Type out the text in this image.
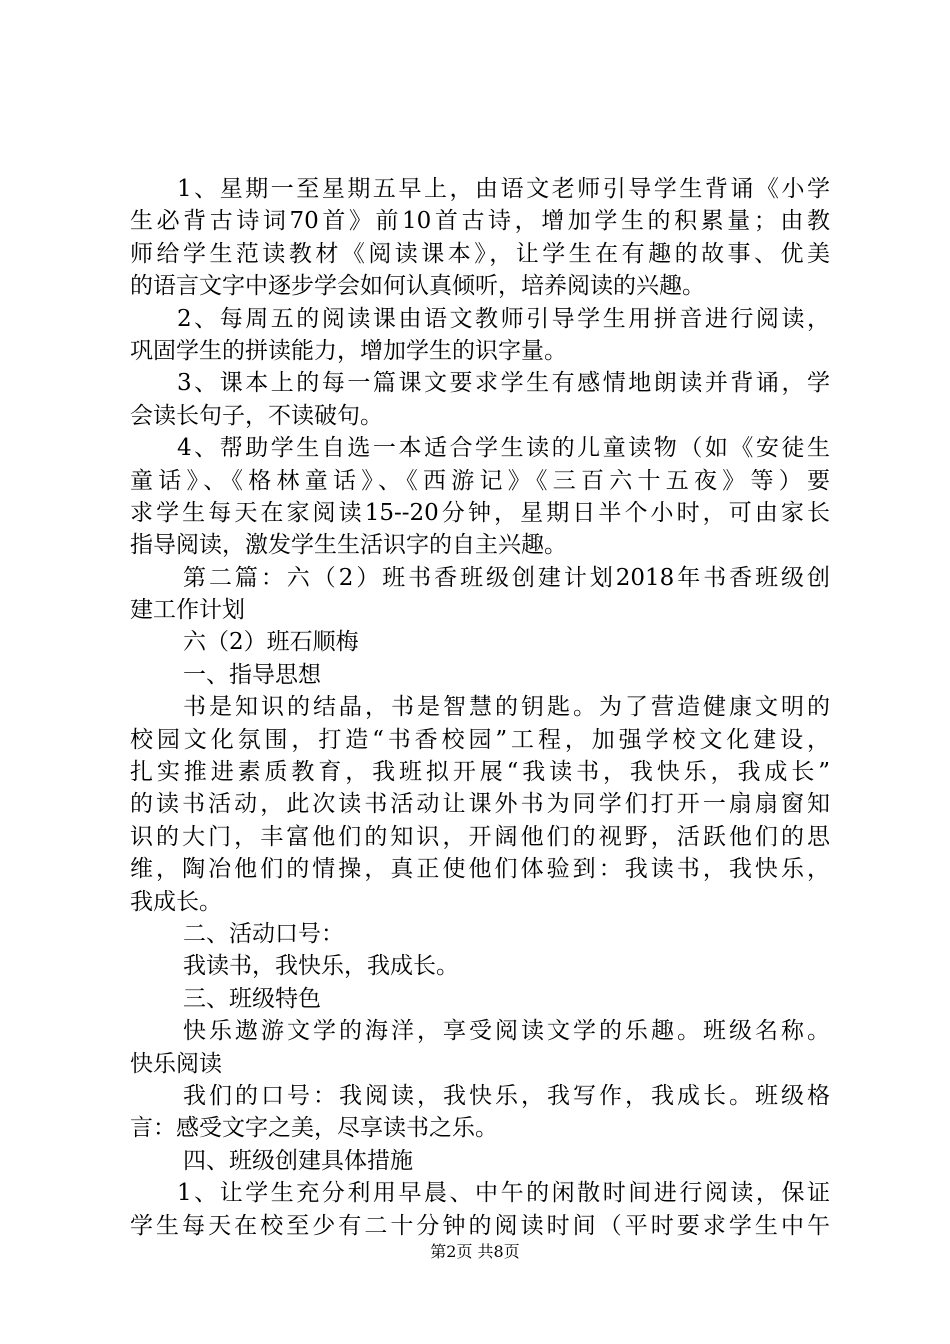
1、星期一至星期五早上，由语文老师引导学生背诵《小学
生必背古诗词70首》前10首古诗，增加学生的积累量；由教
师给学生范读教材《阅读课本》，让学生在有趣的故事、优美
的语言文字中逐步学会如何认真倾听，培养阅读的兴趣。
2、每周五的阅读课由语文教师引导学生用拼音进行阅读，
巩固学生的拼读能力，增加学生的识字量。
3、课本上的每一篇课文要求学生有感情地朗读并背诵，学
会读长句子，不读破句。
4、帮助学生自选一本适合学生读的儿童读物（如《安徒生
童话》、《格林童话》、《西游记》《三百六十五夜》等）要
求学生每天在家阅读15--20分钟，星期日半个小时，可由家长
指导阅读，激发学生生活识字的自主兴趣。
第二篇：六（2）班书香班级创建计划2018年书香班级创
建工作计划
六（2）班石顺梅
一、指导思想
书是知识的结晶，书是智慧的钥匙。为了营造健康文明的
校园文化氛围，打造“书香校园”工程，加强学校文化建设，
扎实推进素质教育，我班拟开展“我读书，我快乐，我成长”
的读书活动，此次读书活动让课外书为同学们打开一扇扇窗知
识的大门，丰富他们的知识，开阔他们的视野，活跃他们的思
维，陶冶他们的情操，真正使他们体验到：我读书，我快乐，
我成长。
二、活动口号：
我读书，我快乐，我成长。
三、班级特色
快乐遨游文学的海洋，享受阅读文学的乐趣。班级名称。
快乐阅读
我们的口号：我阅读，我快乐，我写作，我成长。班级格
言：感受文字之美，尽享读书之乐。
四、班级创建具体措施
1、让学生充分利用早晨、中午的闲散时间进行阅读，保证
学生每天在校至少有二十分钟的阅读时间（平时要求学生中午
第2页 共8页
